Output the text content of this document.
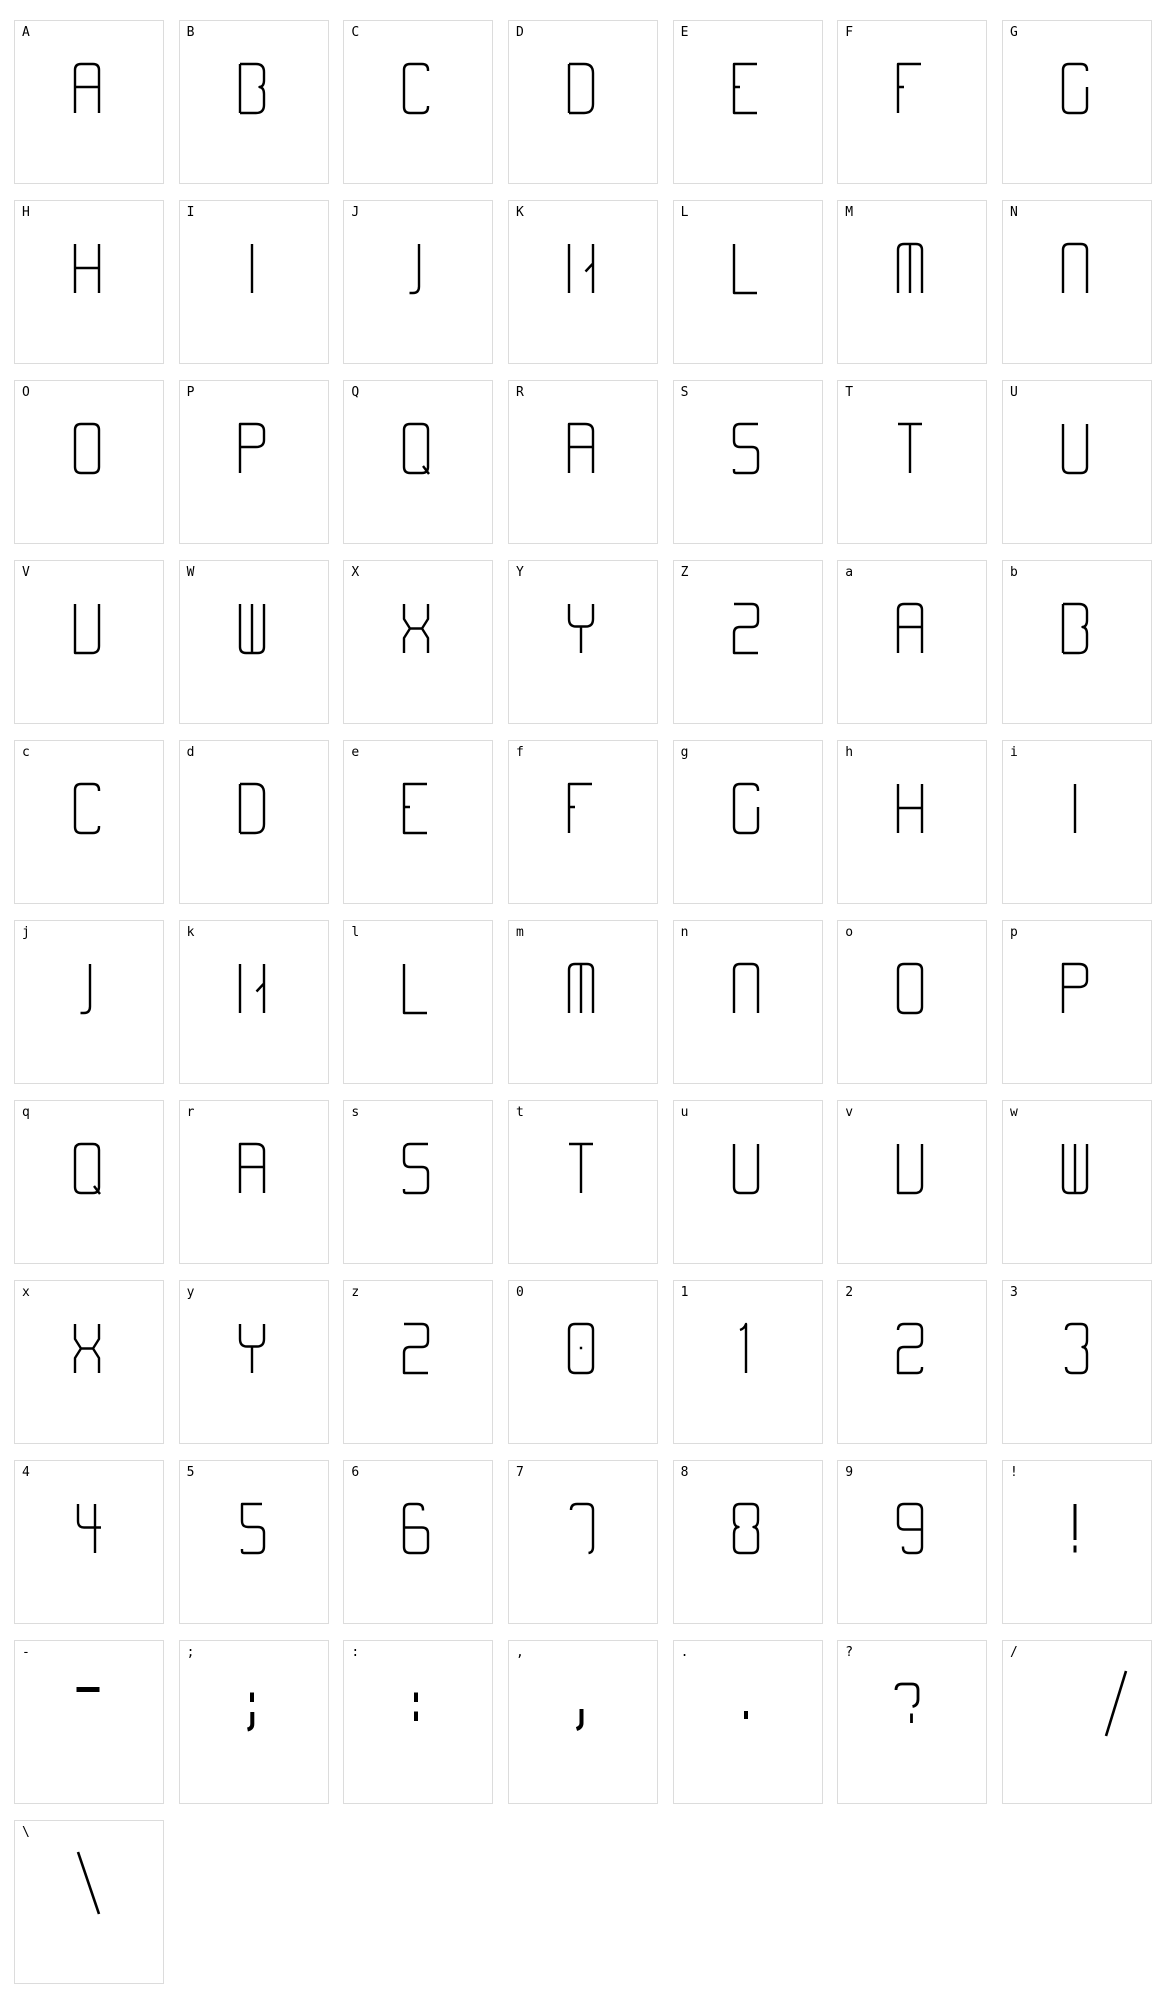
A	B	C	D	E	F	G
H	I	J	K	L	M	N
O	P	Q	R	S	T	U
V	W	X	Y	Z	a	b
c	d	e	f	g	h	i
j	k	l	m	n	o	p
q	r	s	t	u	v	w
x	y	z	0	1	2	3
4	5	6	7	8	9	!
-	;	:	,	.	?	/
\
